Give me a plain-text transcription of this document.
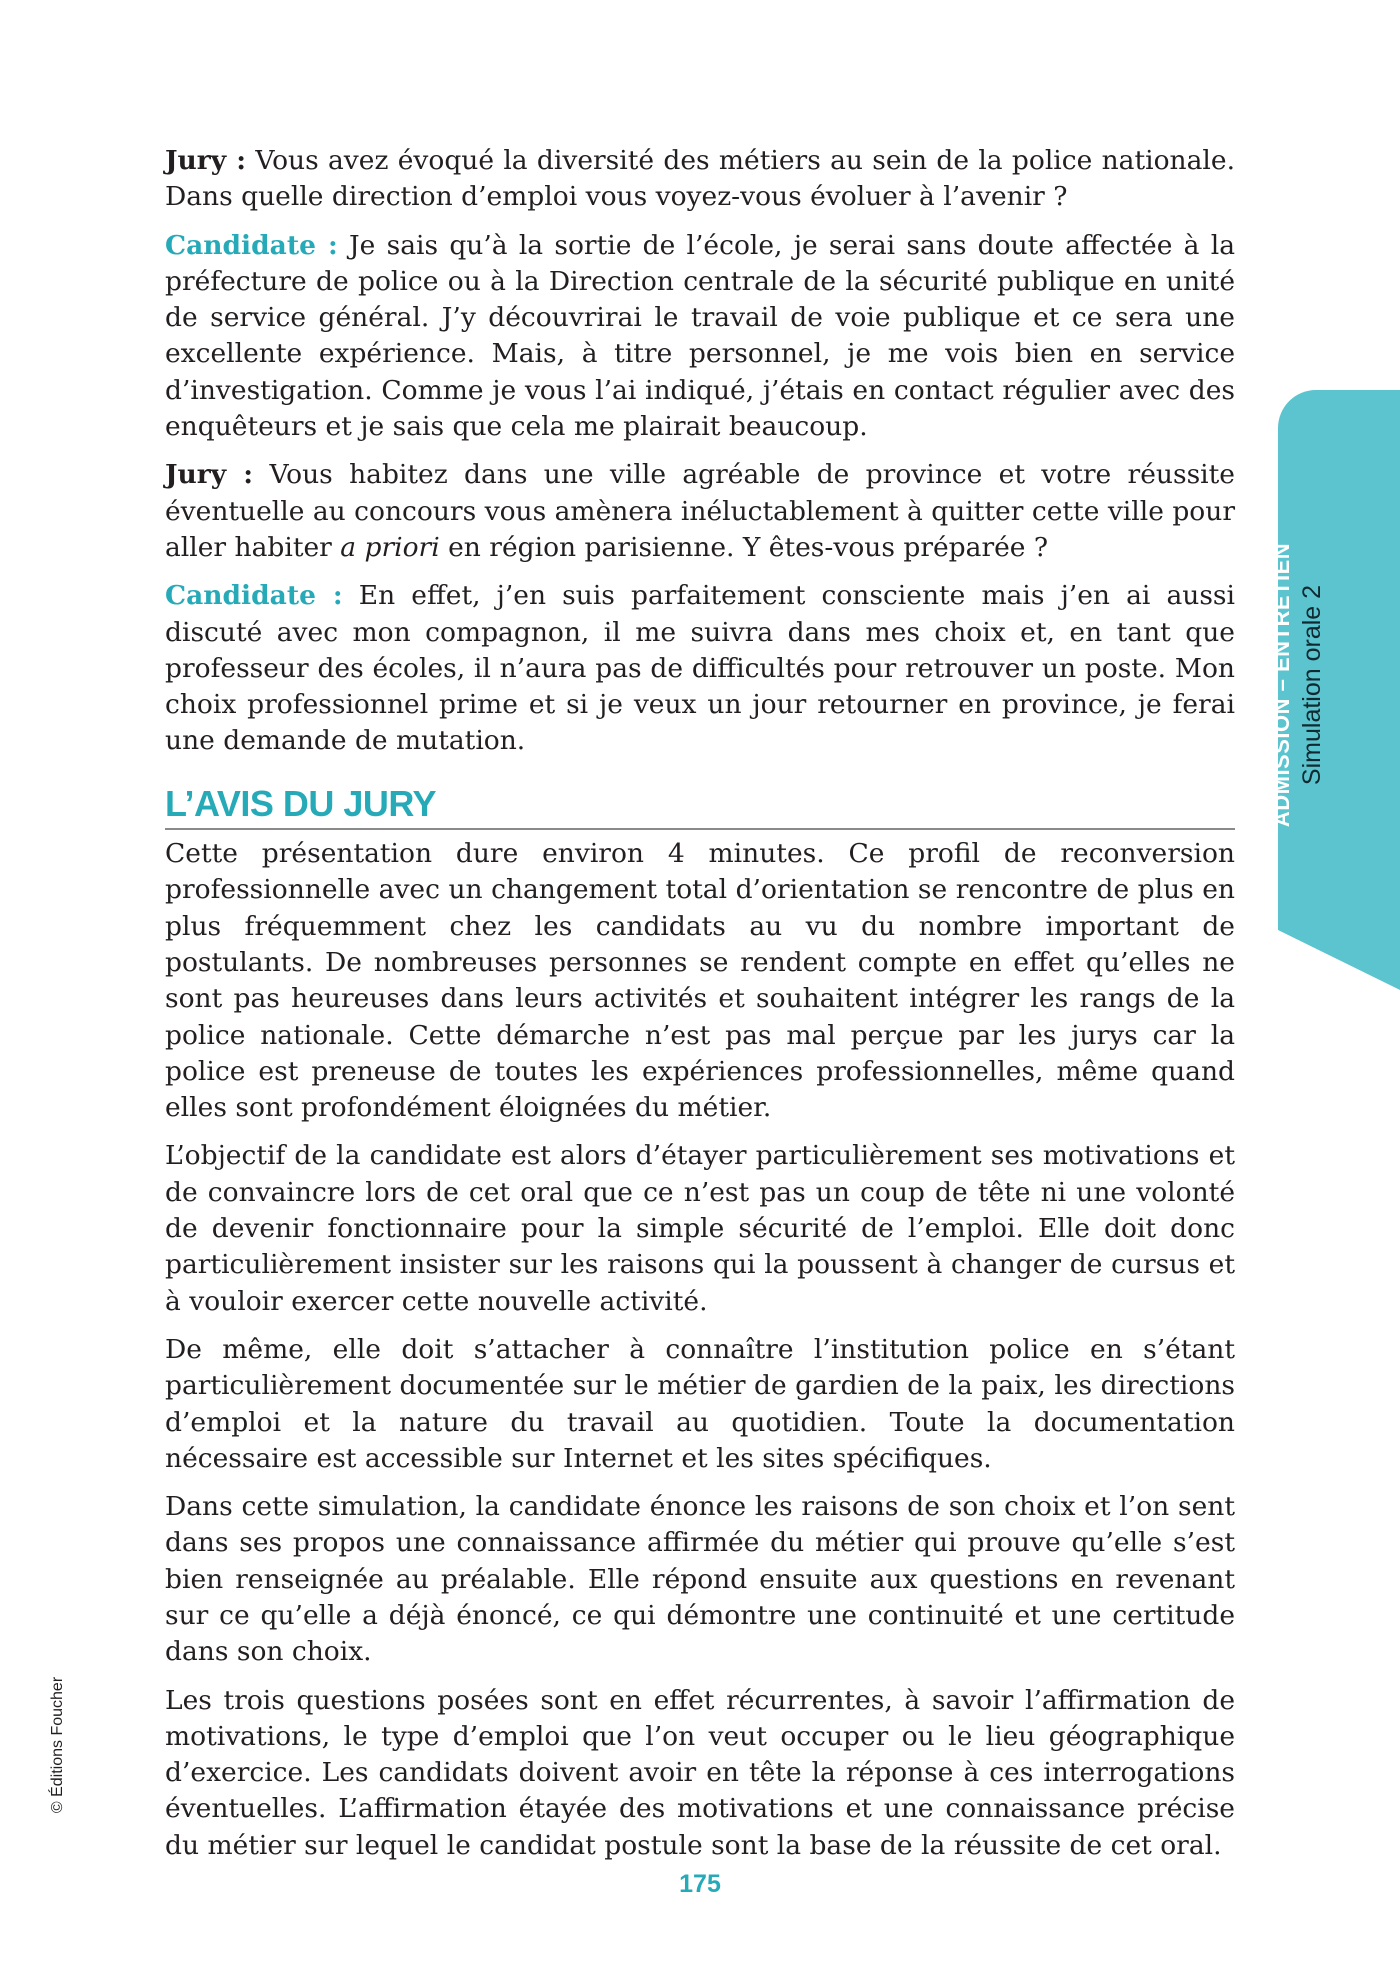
ADMISSION – ENTRETIEN Simulation orale 2

Jury : Vous avez évoqué la diversité des métiers au sein de la police nationale. Dans quelle direction d’emploi vous voyez-vous évoluer à l’avenir ?

Candidate : Je sais qu’à la sortie de l’école, je serai sans doute affectée à la préfecture de police ou à la Direction centrale de la sécurité publique en unité de service général. J’y découvrirai le travail de voie publique et ce sera une excellente expérience. Mais, à titre personnel, je me vois bien en service d’investigation. Comme je vous l’ai indiqué, j’étais en contact régulier avec des enquêteurs et je sais que cela me plairait beaucoup.

Jury : Vous habitez dans une ville agréable de province et votre réussite éventuelle au concours vous amènera inéluctablement à quitter cette ville pour aller habiter a priori en région parisienne. Y êtes-vous préparée ?

Candidate : En effet, j’en suis parfaitement consciente mais j’en ai aussi discuté avec mon compagnon, il me suivra dans mes choix et, en tant que professeur des écoles, il n’aura pas de difficultés pour retrouver un poste. Mon choix professionnel prime et si je veux un jour retourner en province, je ferai une demande de mutation.

L’AVIS DU JURY

Cette présentation dure environ 4 minutes. Ce profil de reconversion professionnelle avec un changement total d’orientation se rencontre de plus en plus fréquemment chez les candidats au vu du nombre important de postulants. De nombreuses personnes se rendent compte en effet qu’elles ne sont pas heureuses dans leurs activités et souhaitent intégrer les rangs de la police nationale. Cette démarche n’est pas mal perçue par les jurys car la police est preneuse de toutes les expériences professionnelles, même quand elles sont profondément éloignées du métier.

L’objectif de la candidate est alors d’étayer particulièrement ses motivations et de convaincre lors de cet oral que ce n’est pas un coup de tête ni une volonté de devenir fonctionnaire pour la simple sécurité de l’emploi. Elle doit donc particulièrement insister sur les raisons qui la poussent à changer de cursus et à vouloir exercer cette nouvelle activité.

De même, elle doit s’attacher à connaître l’institution police en s’étant particulièrement documentée sur le métier de gardien de la paix, les directions d’emploi et la nature du travail au quotidien. Toute la documentation nécessaire est accessible sur Internet et les sites spécifiques.

Dans cette simulation, la candidate énonce les raisons de son choix et l’on sent dans ses propos une connaissance affirmée du métier qui prouve qu’elle s’est bien renseignée au préalable. Elle répond ensuite aux questions en revenant sur ce qu’elle a déjà énoncé, ce qui démontre une continuité et une certitude dans son choix.

Les trois questions posées sont en effet récurrentes, à savoir l’affirmation de motivations, le type d’emploi que l’on veut occuper ou le lieu géographique d’exercice. Les candidats doivent avoir en tête la réponse à ces interrogations éventuelles. L’affirmation étayée des motivations et une connaissance précise du métier sur lequel le candidat postule sont la base de la réussite de cet oral.

© Éditions Foucher
175
